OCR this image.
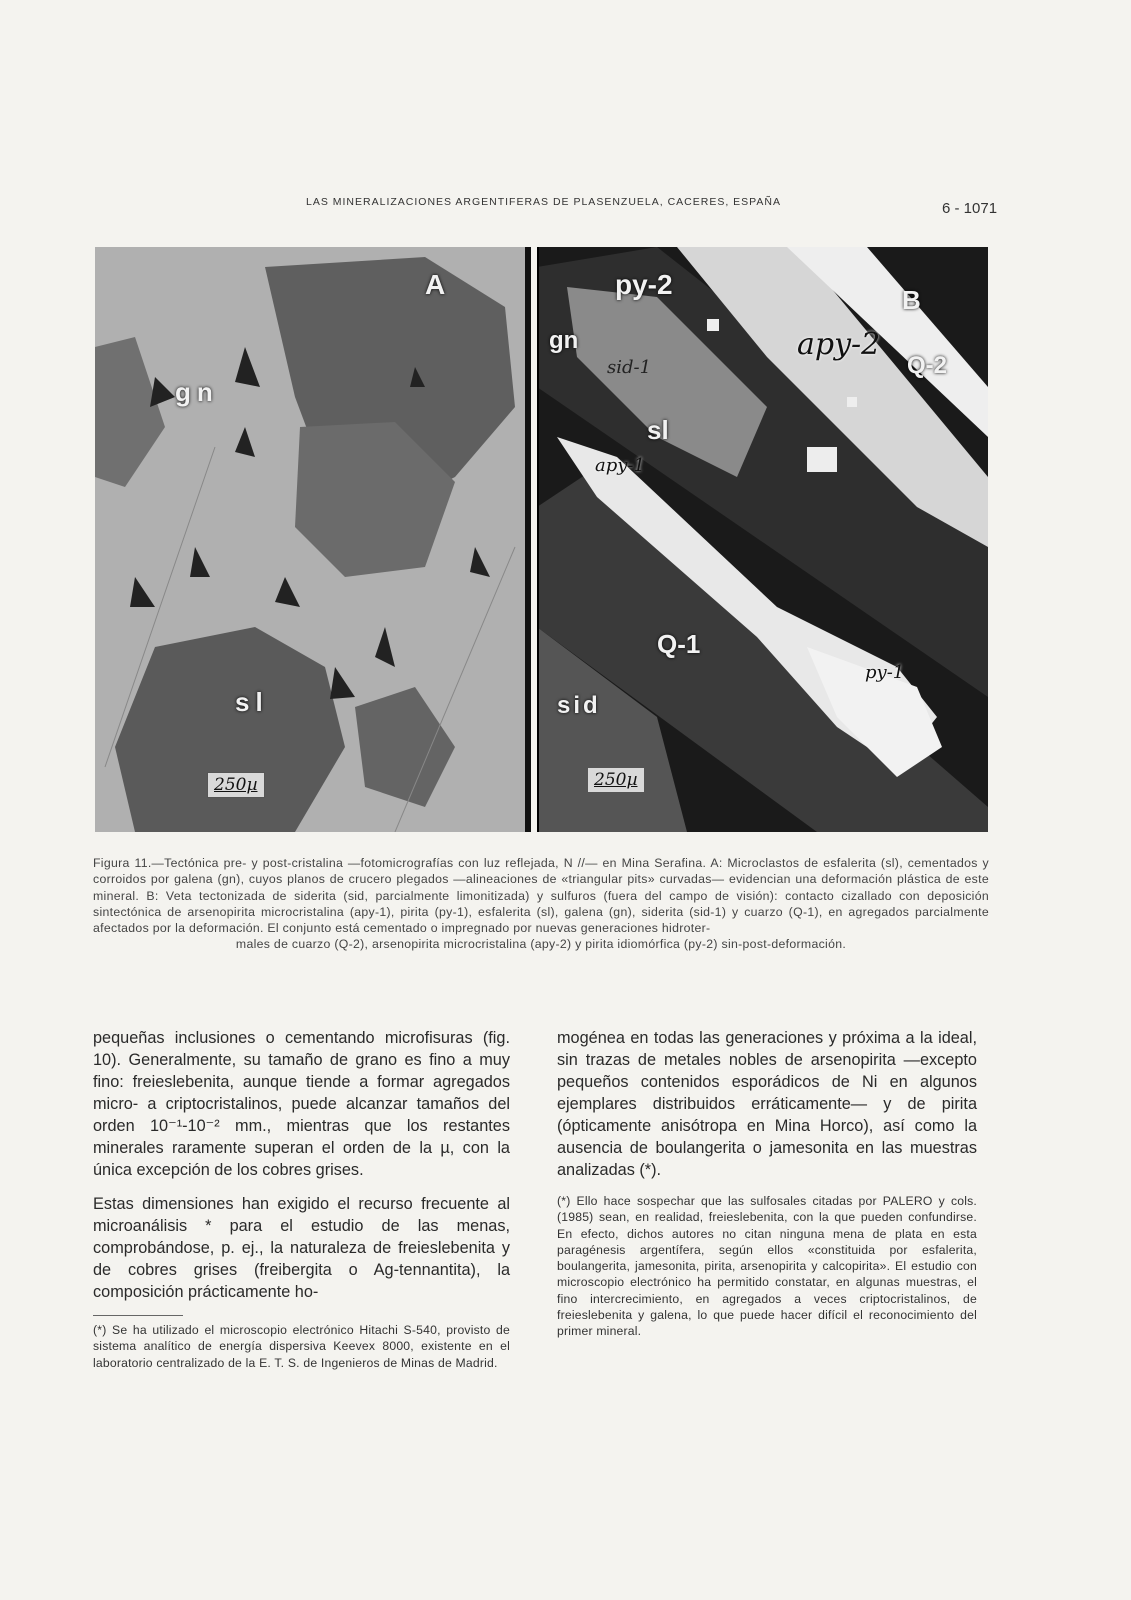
LAS MINERALIZACIONES ARGENTIFERAS DE PLASENZUELA, CACERES, ESPAÑA	6 - 1071
A
gn
sl
250µ
py-2
gn
sid-1
B
apy-2
Q-2
sl
apy-1
Q-1
py-1
sid
250µ
Figura 11.—Tectónica pre- y post-cristalina —fotomicrografías con luz reflejada, N //— en Mina Serafina. A: Microclastos de esfalerita (sl), cementados y corroidos por galena (gn), cuyos planos de crucero plegados —alineaciones de «triangular pits» curvadas— evidencian una deformación plástica de este mineral. B: Veta tectonizada de siderita (sid, parcialmente limonitizada) y sulfuros (fuera del campo de visión): contacto cizallado con deposición sintectónica de arsenopirita microcristalina (apy-1), pirita (py-1), esfalerita (sl), galena (gn), siderita (sid-1) y cuarzo (Q-1), en agregados parcialmente afectados por la deformación. El conjunto está cementado o impregnado por nuevas generaciones hidroter-
males de cuarzo (Q-2), arsenopirita microcristalina (apy-2) y pirita idiomórfica (py-2) sin-post-deformación.

pequeñas inclusiones o cementando microfisuras (fig. 10). Generalmente, su tamaño de grano es fino a muy fino: freieslebenita, aunque tiende a formar agregados micro- a criptocristalinos, puede alcanzar tamaños del orden 10⁻¹-10⁻² mm., mientras que los restantes minerales raramente superan el orden de la µ, con la única excepción de los cobres grises.

Estas dimensiones han exigido el recurso frecuente al microanálisis * para el estudio de las menas, comprobándose, p. ej., la naturaleza de freieslebenita y de cobres grises (freibergita o Ag-tennantita), la composición prácticamente ho-

(*) Se ha utilizado el microscopio electrónico Hitachi S-540, provisto de sistema analítico de energía dispersiva Keevex 8000, existente en el laboratorio centralizado de la E. T. S. de Ingenieros de Minas de Madrid.

mogénea en todas las generaciones y próxima a la ideal, sin trazas de metales nobles de arsenopirita —excepto pequeños contenidos esporádicos de Ni en algunos ejemplares distribuidos erráticamente— y de pirita (ópticamente anisótropa en Mina Horco), así como la ausencia de boulangerita o jamesonita en las muestras analizadas (*).

(*) Ello hace sospechar que las sulfosales citadas por PALERO y cols. (1985) sean, en realidad, freieslebenita, con la que pueden confundirse. En efecto, dichos autores no citan ninguna mena de plata en esta paragénesis argentífera, según ellos «constituida por esfalerita, boulangerita, jamesonita, pirita, arsenopirita y calcopirita». El estudio con microscopio electrónico ha permitido constatar, en algunas muestras, el fino intercrecimiento, en agregados a veces criptocristalinos, de freieslebenita y galena, lo que puede hacer difícil el reconocimiento del primer mineral.
